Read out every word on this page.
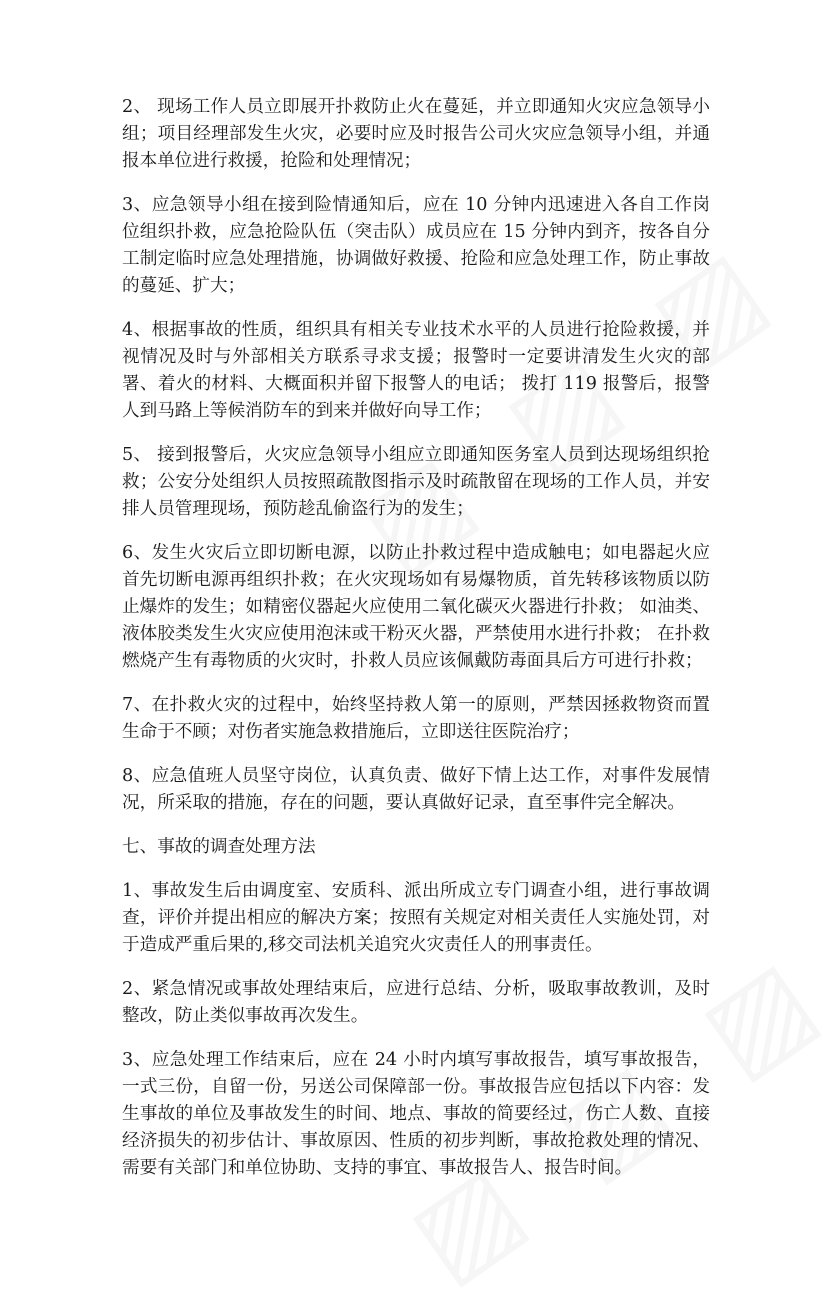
2、 现场工作人员立即展开扑救防止火在蔓延，并立即通知火灾应急领导小组；项目经理部发生火灾，必要时应及时报告公司火灾应急领导小组，并通报本单位进行救援，抢险和处理情况；

3、应急领导小组在接到险情通知后，应在 10 分钟内迅速进入各自工作岗位组织扑救，应急抢险队伍（突击队）成员应在 15 分钟内到齐，按各自分工制定临时应急处理措施，协调做好救援、抢险和应急处理工作，防止事故的蔓延、扩大；

4、根据事故的性质，组织具有相关专业技术水平的人员进行抢险救援，并视情况及时与外部相关方联系寻求支援；报警时一定要讲清发生火灾的部署、着火的材料、大概面积并留下报警人的电话； 拨打 119 报警后，报警人到马路上等候消防车的到来并做好向导工作；

5、 接到报警后，火灾应急领导小组应立即通知医务室人员到达现场组织抢救；公安分处组织人员按照疏散图指示及时疏散留在现场的工作人员，并安排人员管理现场，预防趁乱偷盗行为的发生；

6、发生火灾后立即切断电源，以防止扑救过程中造成触电；如电器起火应首先切断电源再组织扑救；在火灾现场如有易爆物质，首先转移该物质以防止爆炸的发生；如精密仪器起火应使用二氧化碳灭火器进行扑救； 如油类、液体胶类发生火灾应使用泡沫或干粉灭火器，严禁使用水进行扑救； 在扑救燃烧产生有毒物质的火灾时，扑救人员应该佩戴防毒面具后方可进行扑救；

7、在扑救火灾的过程中，始终坚持救人第一的原则，严禁因拯救物资而置生命于不顾；对伤者实施急救措施后，立即送往医院治疗；

8、应急值班人员坚守岗位，认真负责、做好下情上达工作，对事件发展情况，所采取的措施，存在的问题，要认真做好记录，直至事件完全解决。

七、事故的调查处理方法

1、事故发生后由调度室、安质科、派出所成立专门调查小组，进行事故调查，评价并提出相应的解决方案；按照有关规定对相关责任人实施处罚，对于造成严重后果的,移交司法机关追究火灾责任人的刑事责任。

2、紧急情况或事故处理结束后，应进行总结、分析，吸取事故教训，及时整改，防止类似事故再次发生。

3、应急处理工作结束后，应在 24 小时内填写事故报告，填写事故报告，一式三份，自留一份，另送公司保障部一份。事故报告应包括以下内容：发生事故的单位及事故发生的时间、地点、事故的简要经过，伤亡人数、直接经济损失的初步估计、事故原因、性质的初步判断，事故抢救处理的情况、需要有关部门和单位协助、支持的事宜、事故报告人、报告时间。
